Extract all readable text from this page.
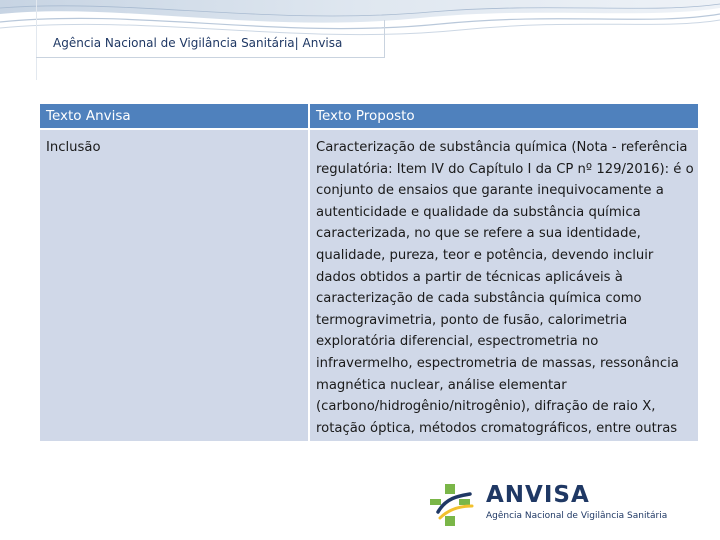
Agência Nacional de Vigilância Sanitária| Anvisa
Texto Anvisa	Texto Proposto

Inclusão	Caracterização de substância química (Nota - referência regulatória: Item IV do Capítulo I da CP nº 129/2016): é o conjunto de ensaios que garante inequivocamente a autenticidade e qualidade da substância química caracterizada, no que se refere a sua identidade, qualidade, pureza, teor e potência, devendo incluir dados obtidos a partir de técnicas aplicáveis à caracterização de cada substância química como termogravimetria, ponto de fusão, calorimetria exploratória diferencial, espectrometria no infravermelho, espectrometria de massas, ressonância magnética nuclear, análise elementar (carbono/hidrogênio/nitrogênio), difração de raio X, rotação óptica, métodos cromatográficos, entre outras
ANVISA
Agência Nacional de Vigilância Sanitária
